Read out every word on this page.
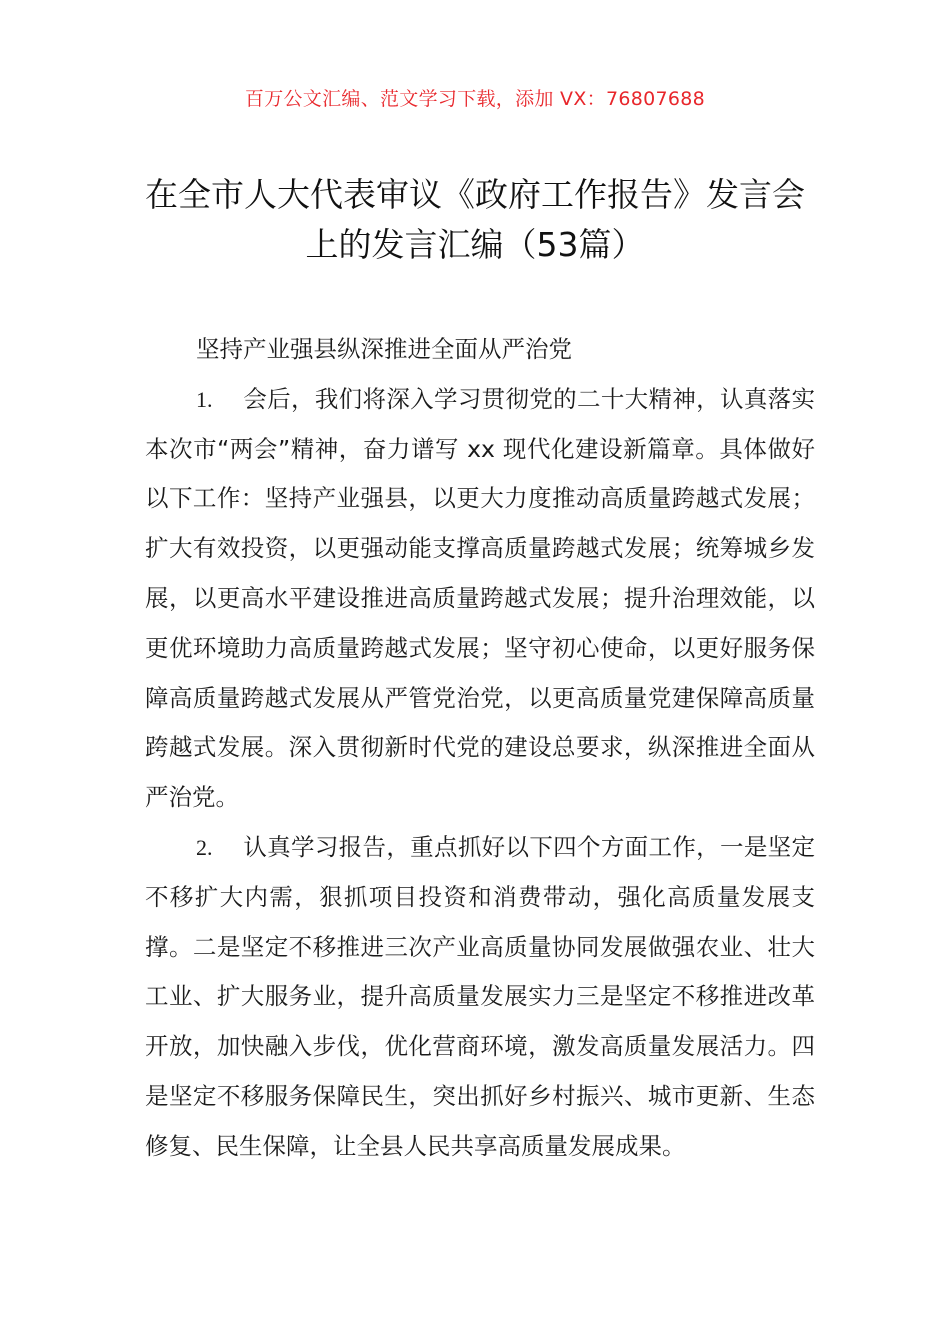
百万公文汇编、范文学习下载，添加 VX：76807688
在全市人大代表审议《政府工作报告》发言会上的发言汇编（53篇）

坚持产业强县纵深推进全面从严治党

1. 会后，我们将深入学习贯彻党的二十大精神，认真落实本次市“两会”精神，奋力谱写 xx 现代化建设新篇章。具体做好以下工作：坚持产业强县，以更大力度推动高质量跨越式发展；扩大有效投资，以更强动能支撑高质量跨越式发展；统筹城乡发展，以更高水平建设推进高质量跨越式发展；提升治理效能，以更优环境助力高质量跨越式发展；坚守初心使命，以更好服务保障高质量跨越式发展从严管党治党，以更高质量党建保障高质量跨越式发展。深入贯彻新时代党的建设总要求，纵深推进全面从严治党。

2. 认真学习报告，重点抓好以下四个方面工作，一是坚定不移扩大内需，狠抓项目投资和消费带动，强化高质量发展支撑。二是坚定不移推进三次产业高质量协同发展做强农业、壮大工业、扩大服务业，提升高质量发展实力三是坚定不移推进改革开放，加快融入步伐，优化营商环境，激发高质量发展活力。四是坚定不移服务保障民生，突出抓好乡村振兴、城市更新、生态修复、民生保障，让全县人民共享高质量发展成果。
